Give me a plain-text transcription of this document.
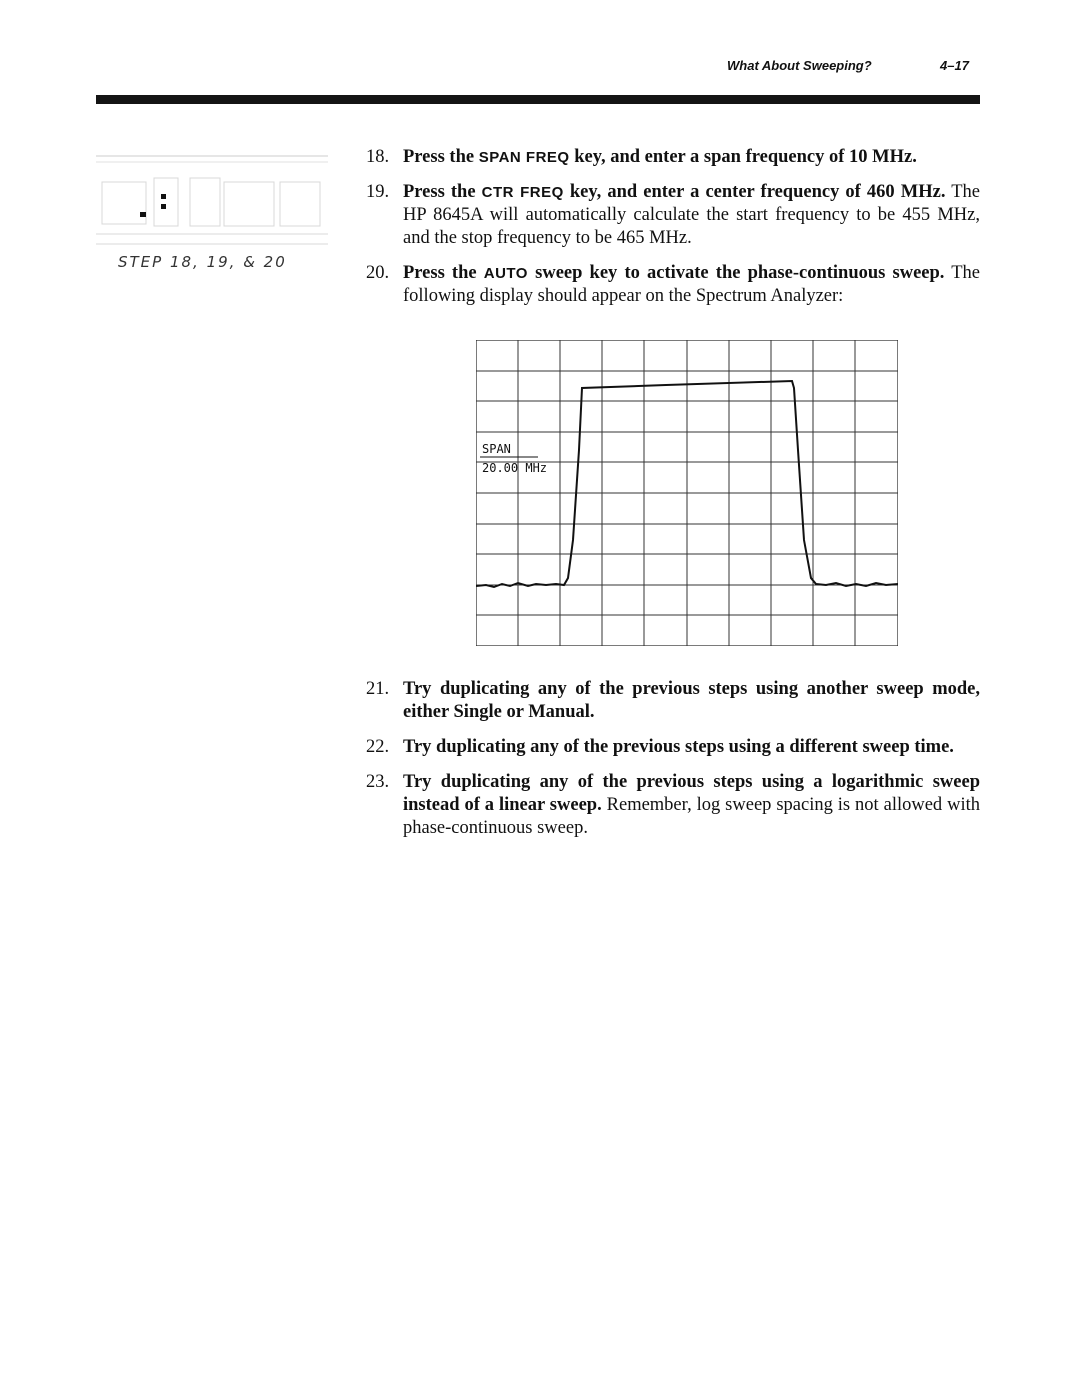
What About Sweeping?	4–17
STEP 18, 19, & 20
18. Press the SPAN FREQ key, and enter a span frequency of 10 MHz.
19. Press the CTR FREQ key, and enter a center frequency of 460 MHz. The HP 8645A will automatically calculate the start frequency to be 455 MHz, and the stop frequency to be 465 MHz.
20. Press the AUTO sweep key to activate the phase-continuous sweep. The following display should appear on the Spectrum Analyzer:
SPAN
20.00 MHz
21. Try duplicating any of the previous steps using another sweep mode, either Single or Manual.
22. Try duplicating any of the previous steps using a different sweep time.
23. Try duplicating any of the previous steps using a logarithmic sweep instead of a linear sweep. Remember, log sweep spacing is not allowed with phase-continuous sweep.
